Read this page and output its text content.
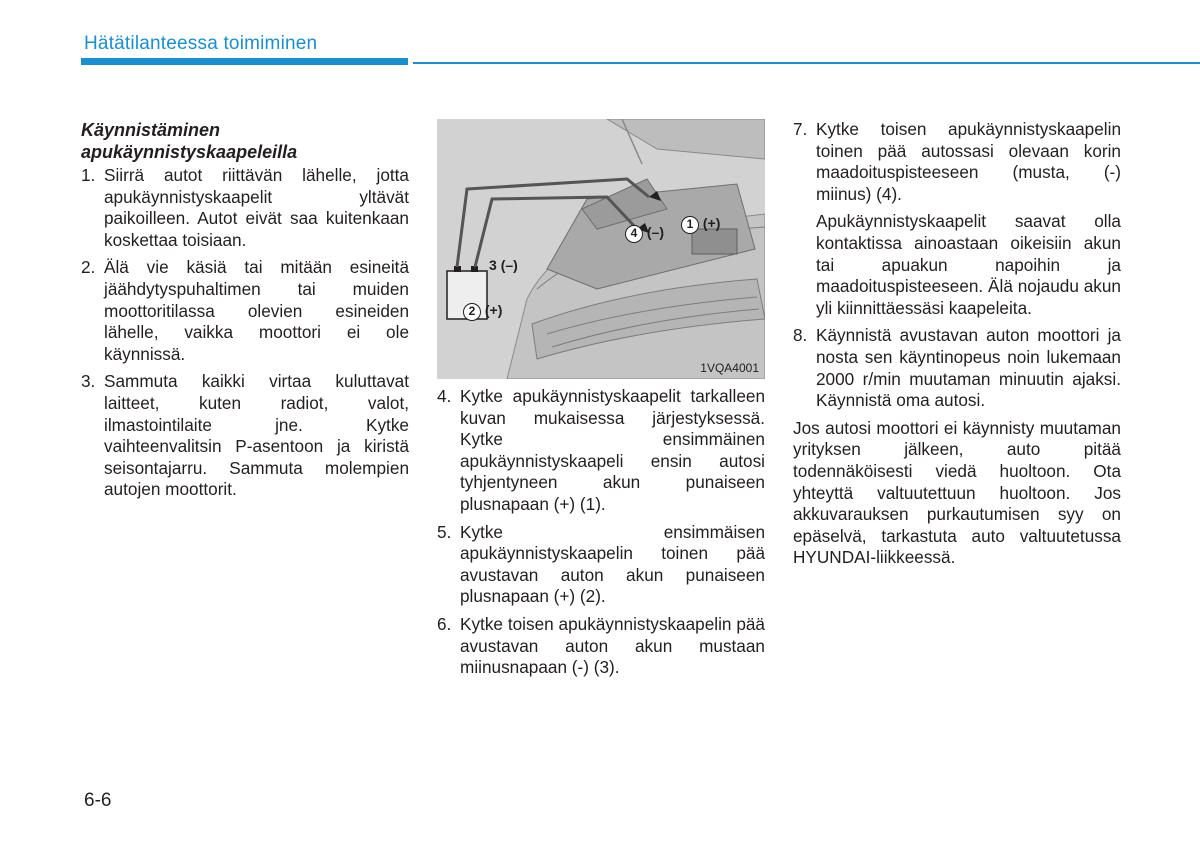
Hätätilanteessa toimiminen
Käynnistäminen apukäynnistyskaapeleilla
1. Siirrä autot riittävän lähelle, jotta apukäynnistyskaapelit yltävät paikoilleen. Autot eivät saa kuitenkaan koskettaa toisiaan.
2. Älä vie käsiä tai mitään esineitä jäähdytyspuhaltimen tai muiden moottoritilassa olevien esineiden lähelle, vaikka moottori ei ole käynnissä.
3. Sammuta kaikki virtaa kuluttavat laitteet, kuten radiot, valot, ilmastointilaite jne. Kytke vaihteenvalitsin P-asentoon ja kiristä seisontajarru. Sammuta molempien autojen moottorit.
1 (+)
4 (–)
3 (–)
2 (+)
1VQA4001
4. Kytke apukäynnistyskaapelit tarkalleen kuvan mukaisessa järjestyksessä. Kytke ensimmäinen apukäynnistyskaapeli ensin autosi tyhjentyneen akun punaiseen plusnapaan (+) (1).
5. Kytke ensimmäisen apukäynnistyskaapelin toinen pää avustavan auton akun punaiseen plusnapaan (+) (2).
6. Kytke toisen apukäynnistyskaapelin pää avustavan auton akun mustaan miinusnapaan (-) (3).
7. Kytke toisen apukäynnistyskaapelin toinen pää autossasi olevaan korin maadoituspisteeseen (musta, (-) miinus) (4).
Apukäynnistyskaapelit saavat olla kontaktissa ainoastaan oikeisiin akun tai apuakun napoihin ja maadoituspisteeseen. Älä nojaudu akun yli kiinnittäessäsi kaapeleita.
8. Käynnistä avustavan auton moottori ja nosta sen käyntinopeus noin lukemaan 2000 r/min muutaman minuutin ajaksi. Käynnistä oma autosi.
Jos autosi moottori ei käynnisty muutaman yrityksen jälkeen, auto pitää todennäköisesti viedä huoltoon. Ota yhteyttä valtuutettuun huoltoon. Jos akkuvarauksen purkautumisen syy on epäselvä, tarkastuta auto valtuutetussa HYUNDAI-liikkeessä.
6-6
